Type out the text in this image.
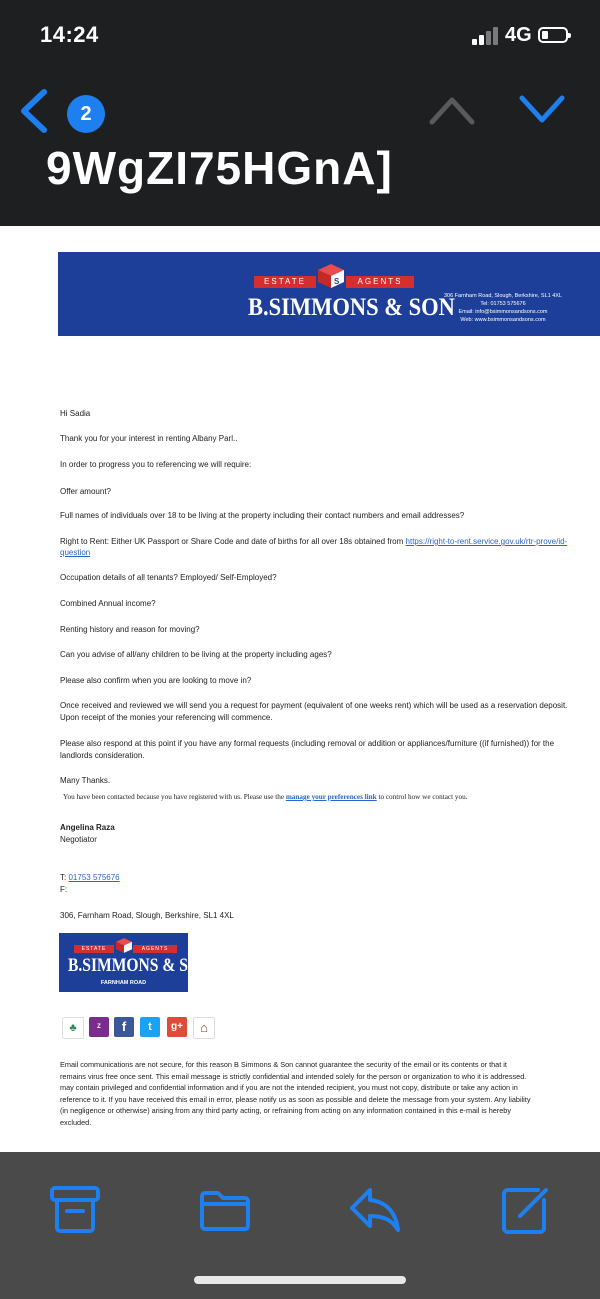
14:24	4G
2
9WgZI75HGnA]
ESTATE	AGENTS
S
B.SIMMONS & SON
306 Farnham Road, Slough, Berkshire, SL1 4XL
Tel: 01753 575676
Email: info@bsimmonsandsons.com
Web: www.bsimmonsandsons.com

Hi Sadia

Thank you for your interest in renting Albany Parl..

In order to progress you to referencing we will require:

Offer amount?

Full names of individuals over 18 to be living at the property including their contact numbers and email addresses?

Right to Rent: Either UK Passport or Share Code and date of births for all over 18s obtained from https://right-to-rent.service.gov.uk/rtr-prove/id-

question

Occupation details of all tenants? Employed/ Self-Employed?

Combined Annual income?

Renting history and reason for moving?

Can you advise of all/any children to be living at the property including ages?

Please also confirm when you are looking to move in?

Once received and reviewed we will send you a request for payment (equivalent of one weeks rent) which will be used as a reservation deposit.

Upon receipt of the monies your referencing will commence.

Please also respond at this point if you have any formal requests (including removal or addition or appliances/furniture ((if furnished)) for the

landlords consideration.

Many Thanks.

You have been contacted because you have registered with us. Please use the manage your preferences link to control how we contact you.

Angelina Raza

Negotiator

T: 01753 575676

F:

306, Farnham Road, Slough, Berkshire, SL1 4XL

ESTATE	AGENTS
B.SIMMONS & SON
FARNHAM ROAD
♣	Z	f	t	g+	⌂

Email communications are not secure, for this reason B Simmons & Son cannot guarantee the security of the email or its contents or that it

remains virus free once sent. This email message is strictly confidential and intended solely for the person or organization to who it is addressed.

may contain privileged and confidential information and if you are not the intended recipient, you must not copy, distribute or take any action in

reference to it. If you have received this email in error, please notify us as soon as possible and delete the message from your system. Any liability

(in negligence or otherwise) arising from any third party acting, or refraining from acting on any information contained in this e-mail is hereby

excluded.
